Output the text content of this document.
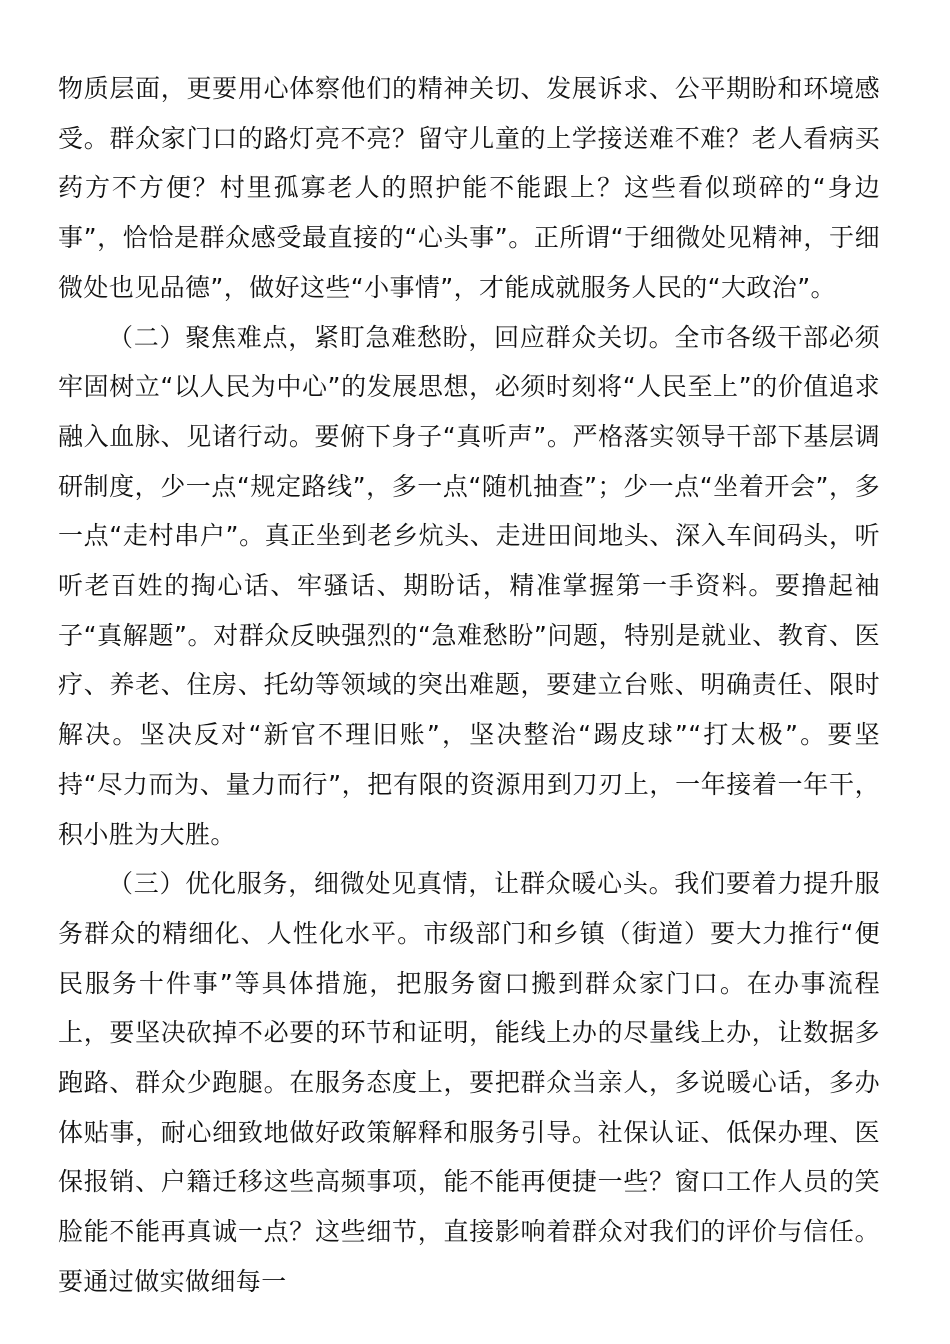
物质层面，更要用心体察他们的精神关切、发展诉求、公平期盼和环境感受。群众家门口的路灯亮不亮？留守儿童的上学接送难不难？老人看病买药方不方便？村里孤寡老人的照护能不能跟上？这些看似琐碎的“身边事”，恰恰是群众感受最直接的“心头事”。正所谓“于细微处见精神，于细微处也见品德”，做好这些“小事情”，才能成就服务人民的“大政治”。

（二）聚焦难点，紧盯急难愁盼，回应群众关切。全市各级干部必须牢固树立“以人民为中心”的发展思想，必须时刻将“人民至上”的价值追求融入血脉、见诸行动。要俯下身子“真听声”。严格落实领导干部下基层调研制度，少一点“规定路线”，多一点“随机抽查”；少一点“坐着开会”，多一点“走村串户”。真正坐到老乡炕头、走进田间地头、深入车间码头，听听老百姓的掏心话、牢骚话、期盼话，精准掌握第一手资料。要撸起袖子“真解题”。对群众反映强烈的“急难愁盼”问题，特别是就业、教育、医疗、养老、住房、托幼等领域的突出难题，要建立台账、明确责任、限时解决。坚决反对“新官不理旧账”，坚决整治“踢皮球”“打太极”。要坚持“尽力而为、量力而行”，把有限的资源用到刀刃上，一年接着一年干，积小胜为大胜。

（三）优化服务，细微处见真情，让群众暖心头。我们要着力提升服务群众的精细化、人性化水平。市级部门和乡镇（街道）要大力推行“便民服务十件事”等具体措施，把服务窗口搬到群众家门口。在办事流程上，要坚决砍掉不必要的环节和证明，能线上办的尽量线上办，让数据多跑路、群众少跑腿。在服务态度上，要把群众当亲人，多说暖心话，多办体贴事，耐心细致地做好政策解释和服务引导。社保认证、低保办理、医保报销、户籍迁移这些高频事项，能不能再便捷一些？窗口工作人员的笑脸能不能再真诚一点？这些细节，直接影响着群众对我们的评价与信任。要通过做实做细每一
